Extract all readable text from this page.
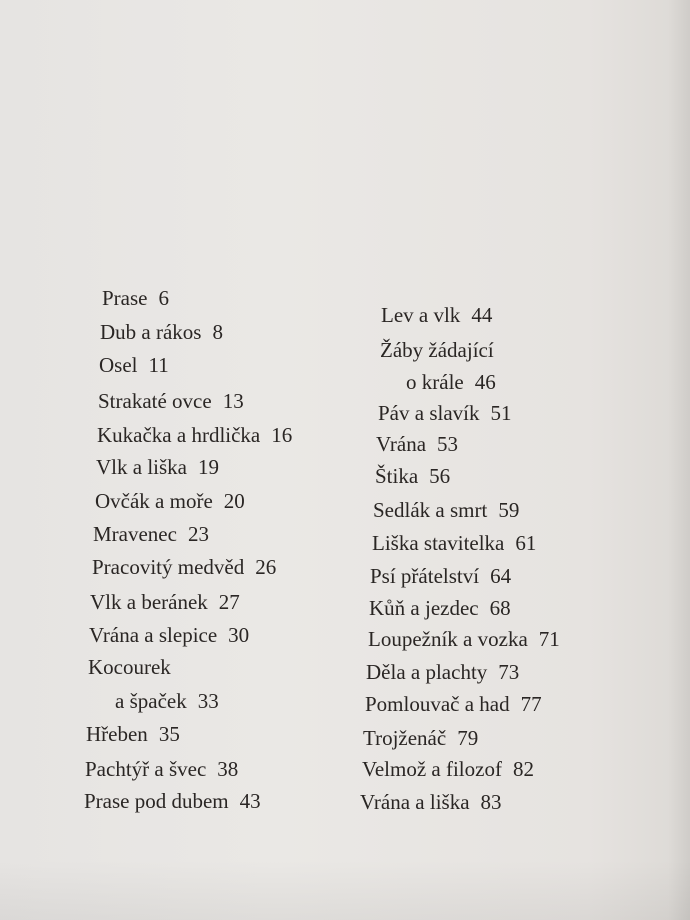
Prase 6
Dub a rákos 8
Osel 11
Strakaté ovce 13
Kukačka a hrdlička 16
Vlk a liška 19
Ovčák a moře 20
Mravenec 23
Pracovitý medvěd 26
Vlk a beránek 27
Vrána a slepice 30
Kocourek
a špaček 33
Hřeben 35
Pachtýř a švec 38
Prase pod dubem 43
Lev a vlk 44
Žáby žádající
o krále 46
Páv a slavík 51
Vrána 53
Štika 56
Sedlák a smrt 59
Liška stavitelka 61
Psí přátelství 64
Kůň a jezdec 68
Loupežník a vozka 71
Děla a plachty 73
Pomlouvač a had 77
Trojženáč 79
Velmož a filozof 82
Vrána a liška 83
